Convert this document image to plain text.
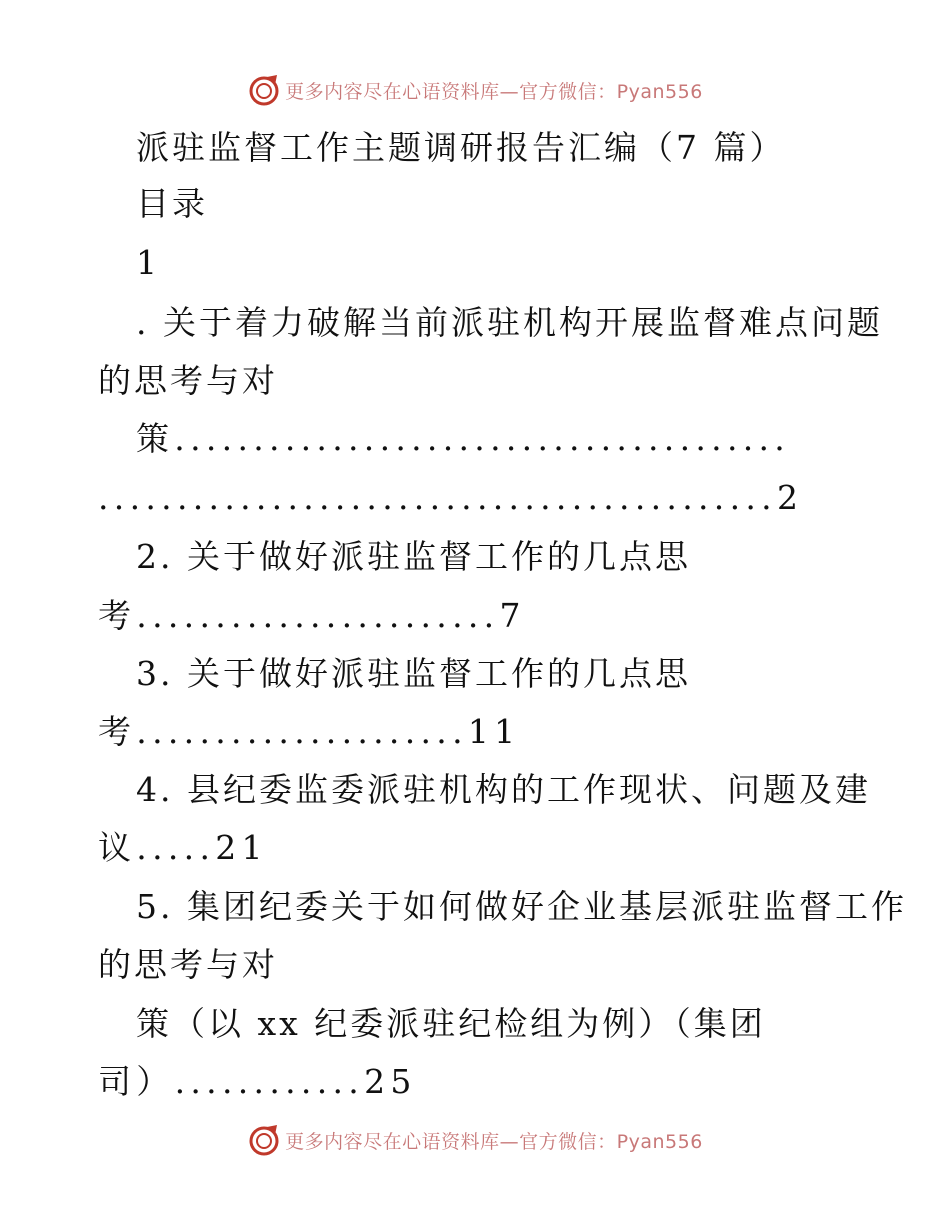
更多内容尽在心语资料库—官方微信：Pyan556
派驻监督工作主题调研报告汇编（7 篇）
目录
1
. 关于着力破解当前派驻机构开展监督难点问题
的思考与对
策.......................................
...........................................2
2. 关于做好派驻监督工作的几点思
考.......................7
3. 关于做好派驻监督工作的几点思
考.....................11
4. 县纪委监委派驻机构的工作现状、问题及建
议.....21
5. 集团纪委关于如何做好企业基层派驻监督工作
的思考与对
策（以 xx 纪委派驻纪检组为例）（集团
司）............25
更多内容尽在心语资料库—官方微信：Pyan556
